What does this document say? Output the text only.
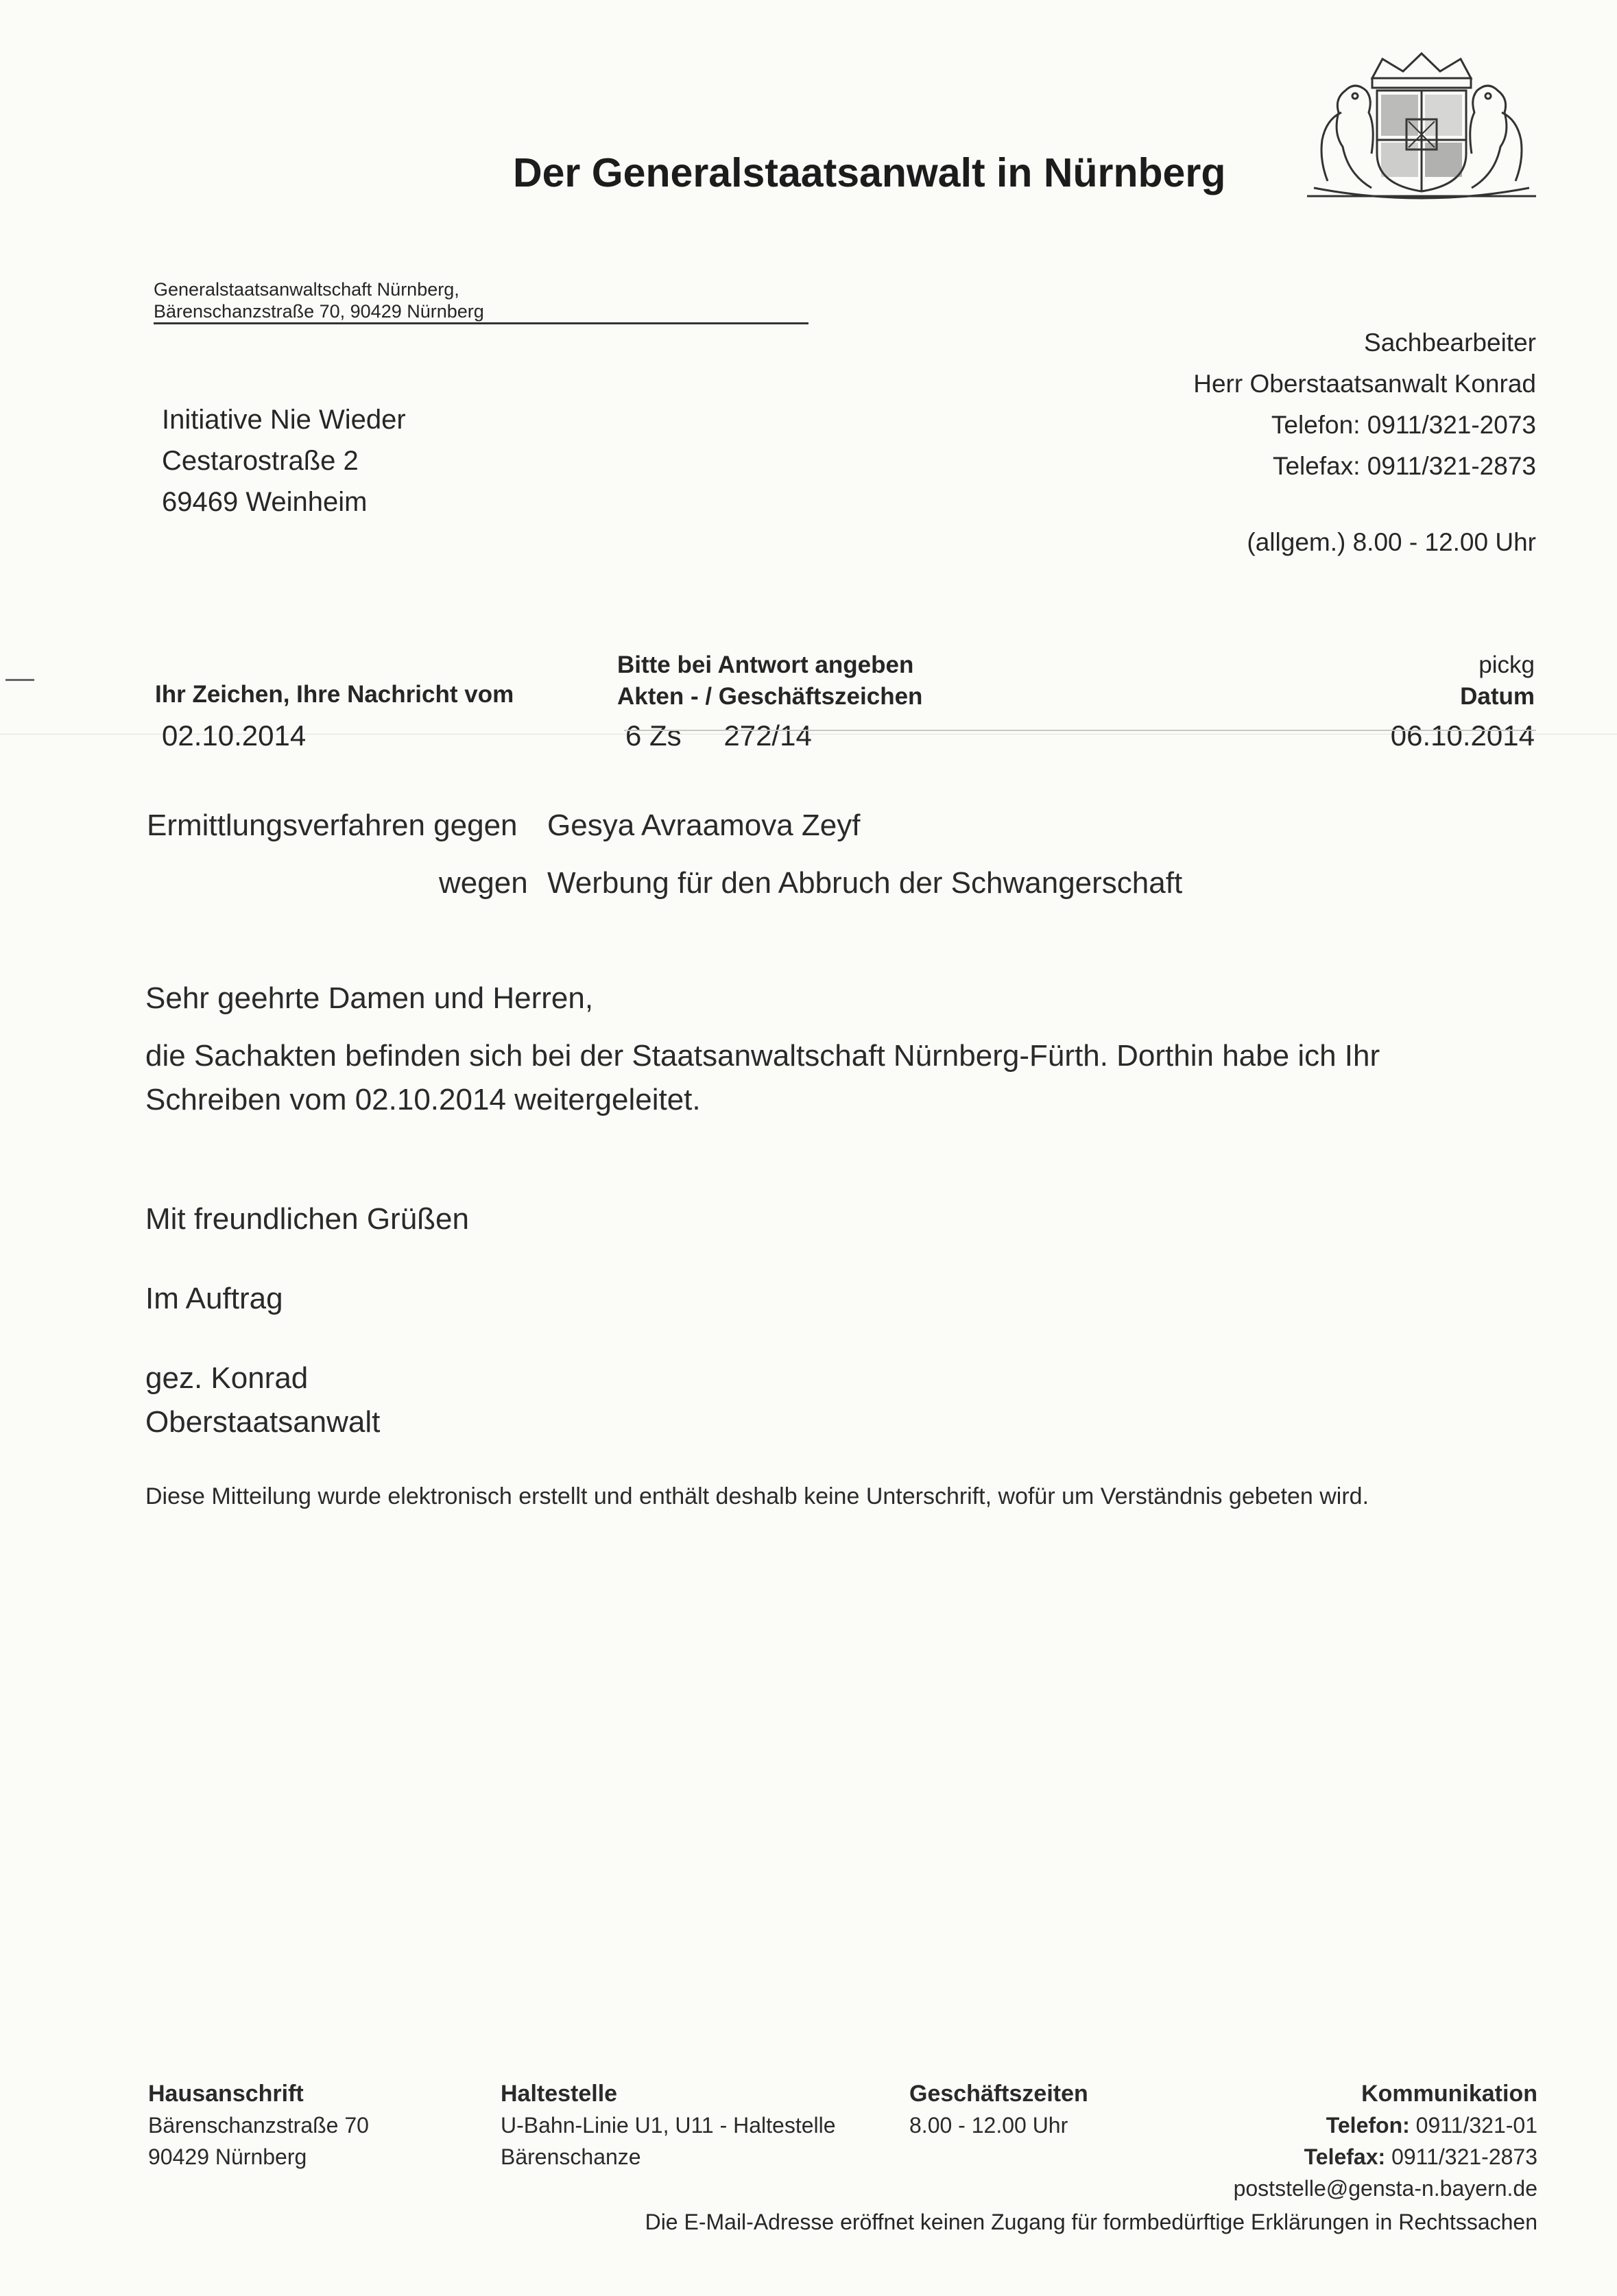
Der Generalstaatsanwalt in Nürnberg
Generalstaatsanwaltschaft Nürnberg,
Bärenschanzstraße 70, 90429 Nürnberg
Initiative Nie Wieder
Cestarostraße 2
69469 Weinheim
Sachbearbeiter
Herr Oberstaatsanwalt Konrad
Telefon: 0911/321-2073
Telefax: 0911/321-2873
(allgem.) 8.00 - 12.00 Uhr
Ihr Zeichen, Ihre Nachricht vom
02.10.2014
Bitte bei Antwort angeben
Akten - / Geschäftszeichen
6 Zs 272/14
pickg
Datum
06.10.2014
Ermittlungsverfahren gegen Gesya Avraamova Zeyf
wegen Werbung für den Abbruch der Schwangerschaft
Sehr geehrte Damen und Herren,
die Sachakten befinden sich bei der Staatsanwaltschaft Nürnberg-Fürth. Dorthin habe ich Ihr Schreiben vom 02.10.2014 weitergeleitet.
Mit freundlichen Grüßen
Im Auftrag
gez. Konrad
Oberstaatsanwalt
Diese Mitteilung wurde elektronisch erstellt und enthält deshalb keine Unterschrift, wofür um Verständnis gebeten wird.
Hausanschrift
Bärenschanzstraße 70
90429 Nürnberg
Haltestelle
U-Bahn-Linie U1, U11 - Haltestelle
Bärenschanze
Geschäftszeiten
8.00 - 12.00 Uhr
Kommunikation
Telefon: 0911/321-01
Telefax: 0911/321-2873
poststelle@gensta-n.bayern.de
Die E-Mail-Adresse eröffnet keinen Zugang für formbedürftige Erklärungen in Rechtssachen
